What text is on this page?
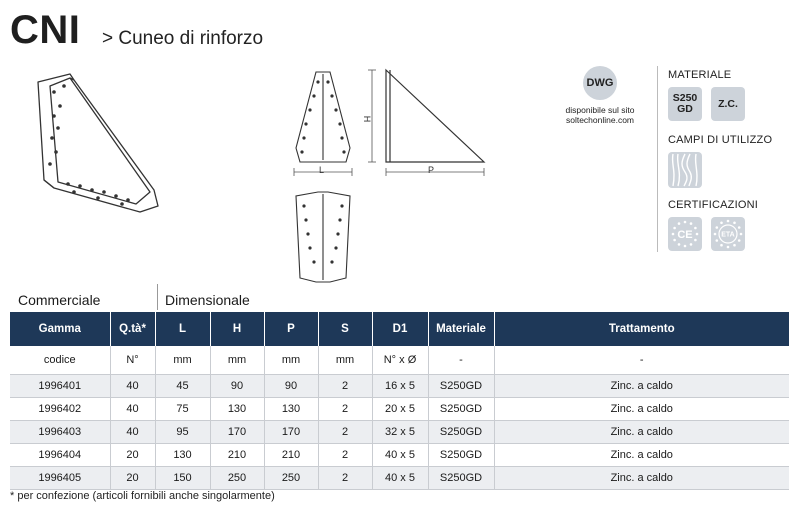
CNI > Cuneo di rinforzo
L
H
P
DWG
disponibile sul sito
soltechonline.com
MATERIALE
S250
GD	Z.C.
CAMPI DI UTILIZZO
CERTIFICAZIONI
CE	ETA
Commerciale	Dimensionale
Gamma	Q.tà*	L	H	P	S	D1	Materiale	Trattamento
codice	N°	mm	mm	mm	mm	N° x Ø	-	-
1996401	40	45	90	90	2	16 x 5	S250GD	Zinc. a caldo
1996402	40	75	130	130	2	20 x 5	S250GD	Zinc. a caldo
1996403	40	95	170	170	2	32 x 5	S250GD	Zinc. a caldo
1996404	20	130	210	210	2	40 x 5	S250GD	Zinc. a caldo
1996405	20	150	250	250	2	40 x 5	S250GD	Zinc. a caldo
* per confezione (articoli fornibili anche singolarmente)
